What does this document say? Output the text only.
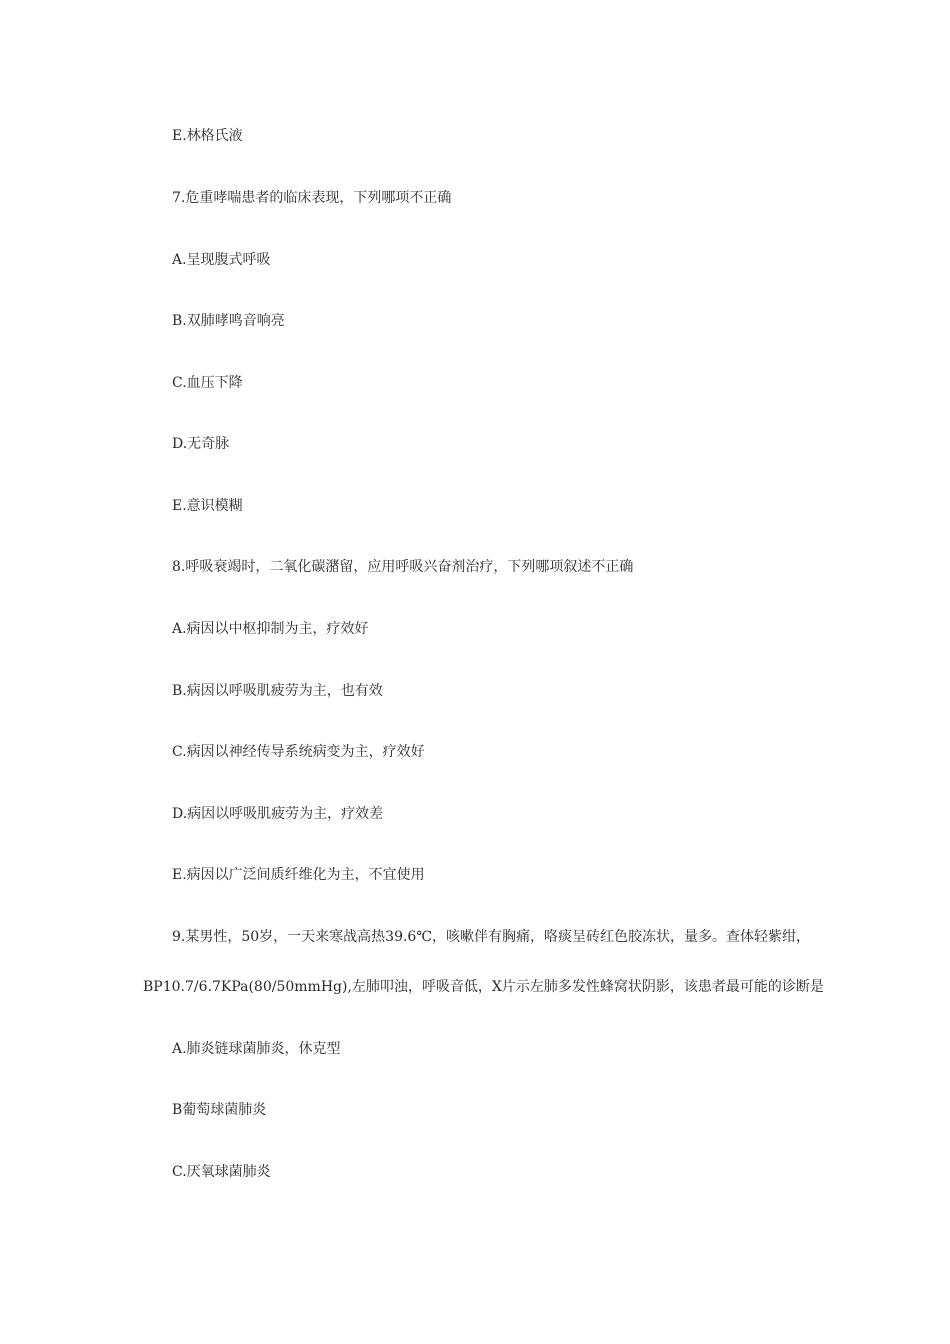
E.林格氏液
7.危重哮喘患者的临床表现，下列哪项不正确
A.呈现腹式呼吸
B.双肺哮鸣音响亮
C.血压下降
D.无奇脉
E.意识模糊
8.呼吸衰竭时，二氧化碳潴留，应用呼吸兴奋剂治疗，下列哪项叙述不正确
A.病因以中枢抑制为主，疗效好
B.病因以呼吸肌疲劳为主，也有效
C.病因以神经传导系统病变为主，疗效好
D.病因以呼吸肌疲劳为主，疗效差
E.病因以广泛间质纤维化为主，不宜使用
9.某男性，50岁，一天来寒战高热39.6℃，咳嗽伴有胸痛，咯痰呈砖红色胶冻状，量多。查体轻紫绀，
BP10.7/6.7KPa(80/50mmHg),左肺叩浊，呼吸音低，X片示左肺多发性蜂窝状阴影，该患者最可能的诊断是
A.肺炎链球菌肺炎，休克型
B葡萄球菌肺炎
C.厌氧球菌肺炎
